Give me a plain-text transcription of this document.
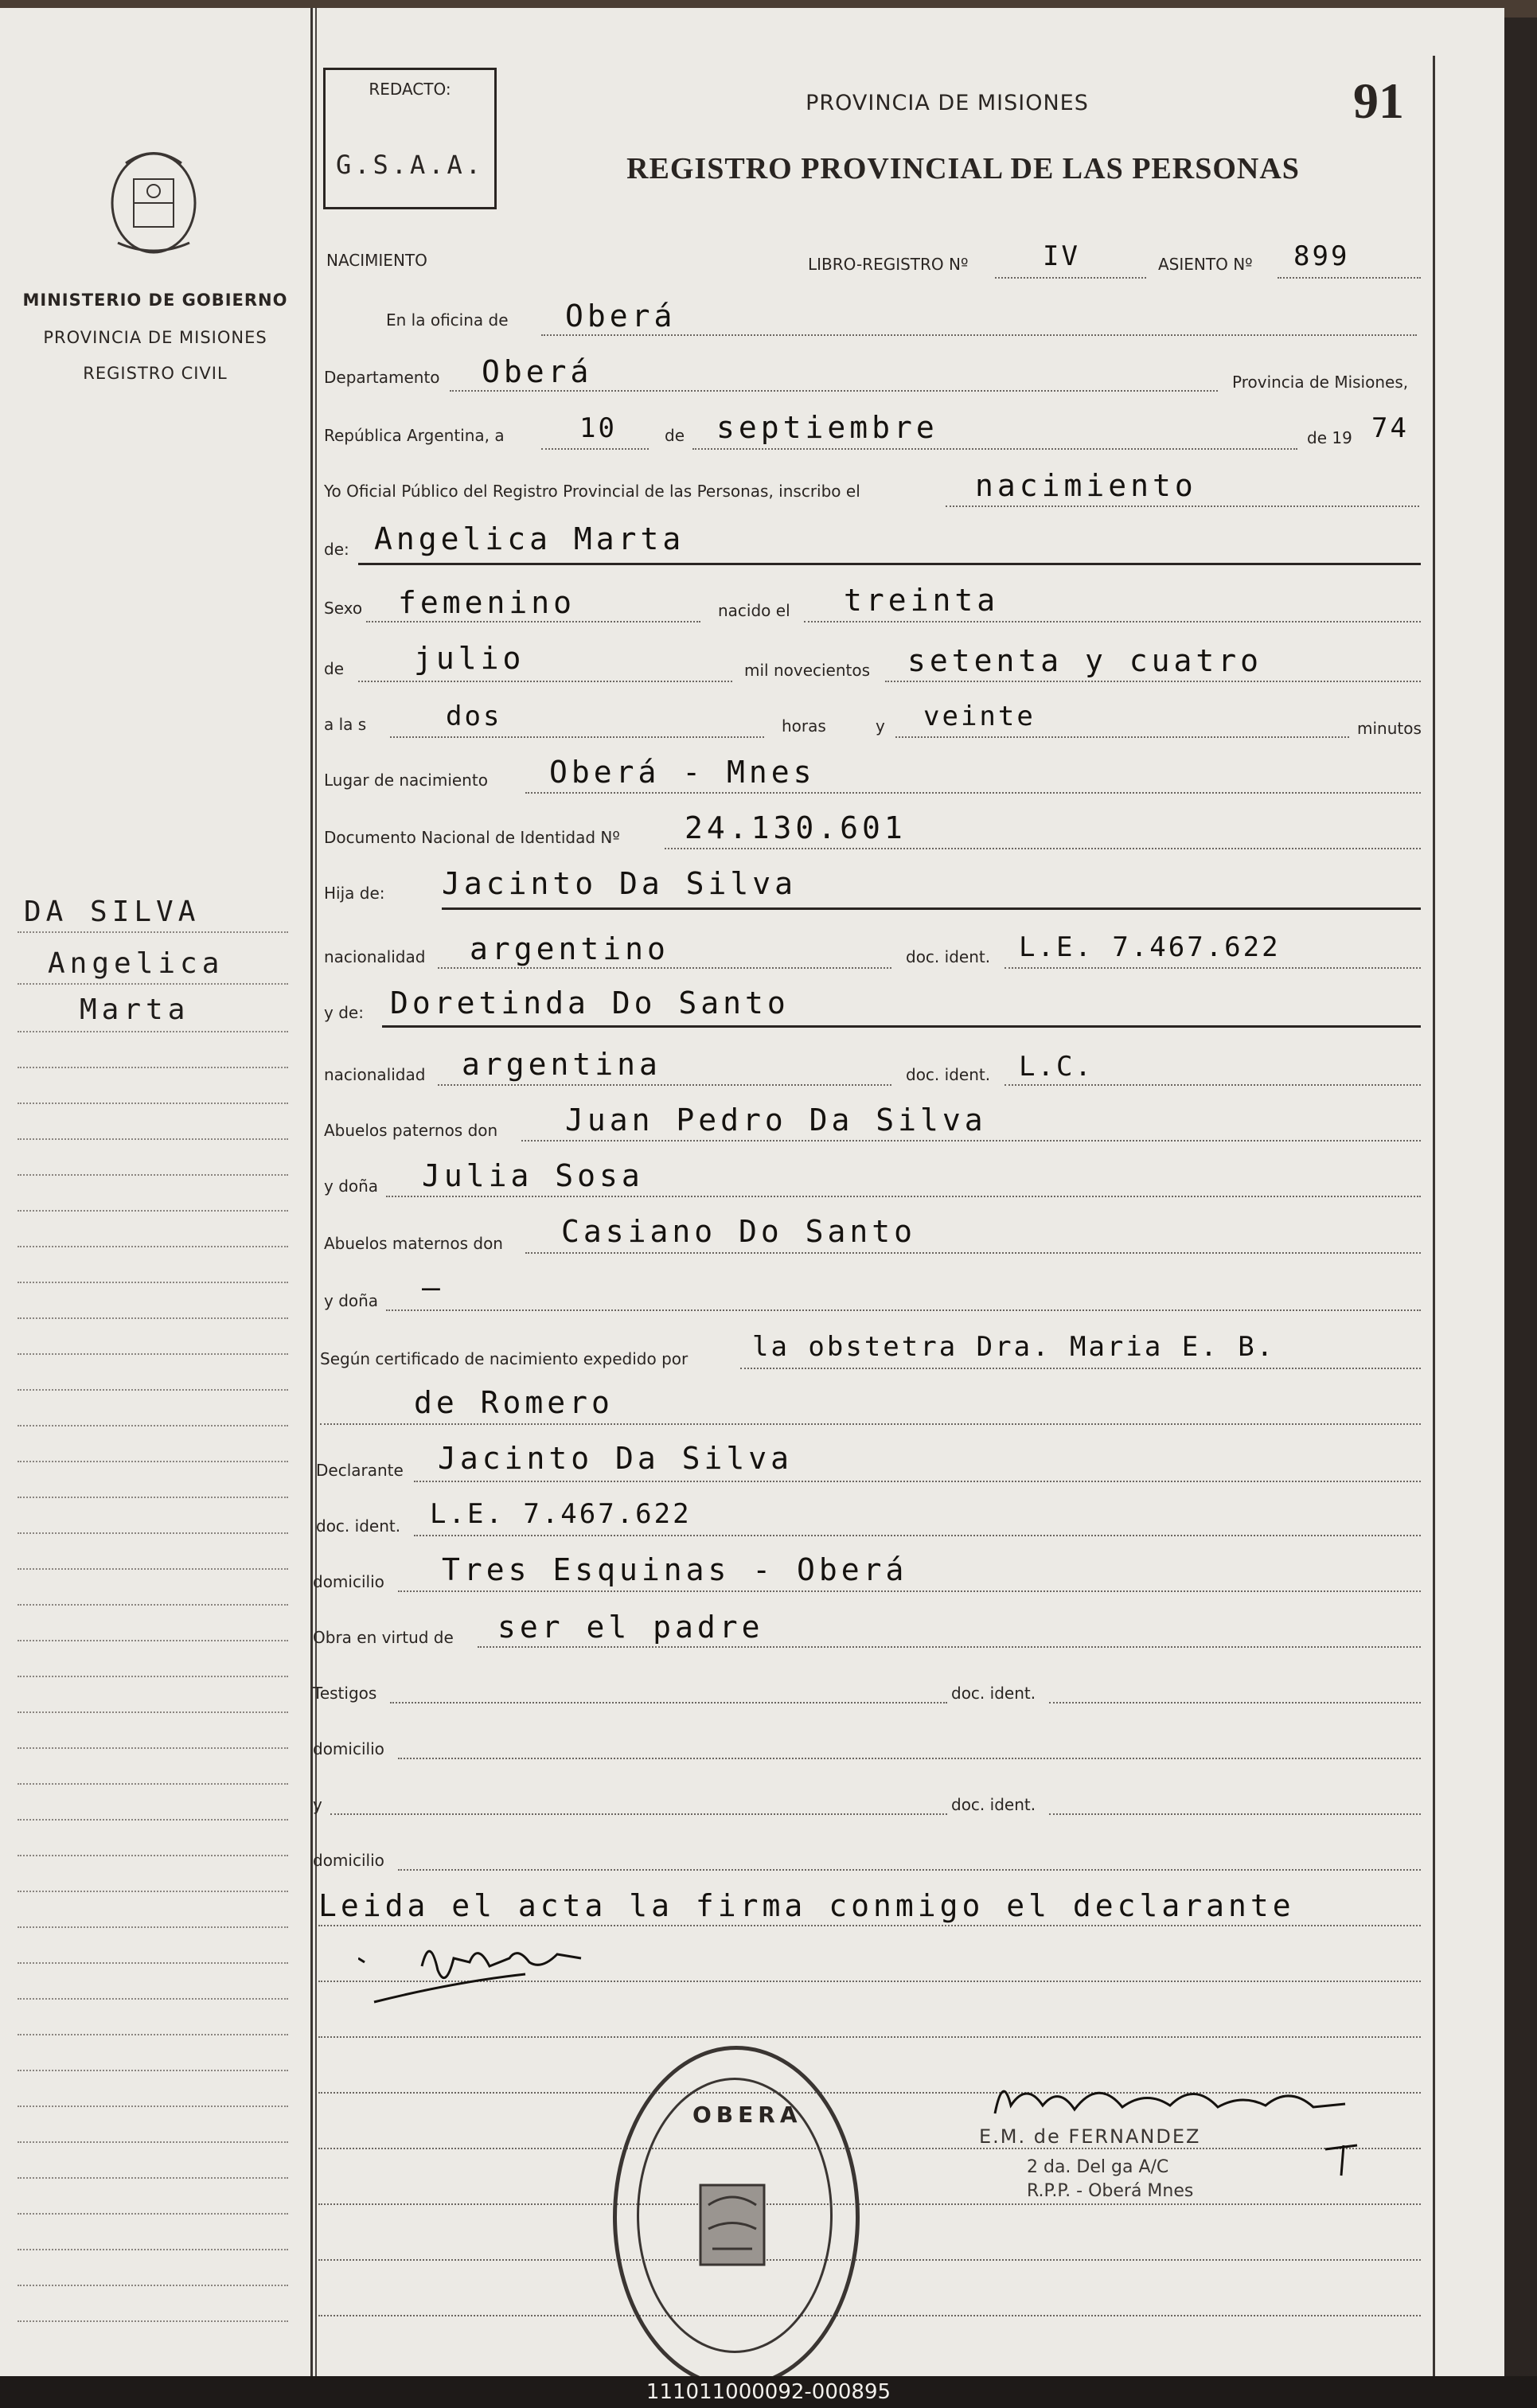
MINISTERIO DE GOBIERNO
PROVINCIA DE MISIONES
REGISTRO CIVIL
DA SILVA
Angelica
Marta
REDACTO:
G.S.A.A.
PROVINCIA DE MISIONES
REGISTRO PROVINCIAL DE LAS PERSONAS
91
NACIMIENTO	LIBRO-REGISTRO Nº	IV	ASIENTO Nº 899
En la oficina de Oberá
Departamento Oberá	Provincia de Misiones,
República Argentina, a	10	de septiembre	de 19 74
Yo Oficial Público del Registro Provincial de las Personas, inscribo el	nacimiento
de: Angelica Marta
Sexo femenino	nacido el treinta
de julio	mil novecientos setenta y cuatro
a la s	dos	horas	y veinte	minutos
Lugar de nacimiento Oberá - Mnes
Documento Nacional de Identidad Nº 24.130.601
Hija de: Jacinto Da Silva
nacionalidad argentino	doc. ident. L.E. 7.467.622
y de: Doretinda Do Santo
nacionalidad argentina	doc. ident. L.C.
Abuelos paternos don Juan Pedro Da Silva
y doña Julia Sosa
Abuelos maternos don Casiano Do Santo
y doña —
Según certificado de nacimiento expedido por la obstetra Dra. Maria E. B.
de Romero
Declarante Jacinto Da Silva
doc. ident. L.E. 7.467.622
domicilio Tres Esquinas - Oberá
Obra en virtud de ser el padre
Testigos	doc. ident.
domicilio
y	doc. ident.
domicilio
Leida el acta la firma conmigo el declarante
OBERA
E.M. de FERNANDEZ
2 da. Del ga A/C
R.P.P. - Oberá Mnes
111011000092-000895
